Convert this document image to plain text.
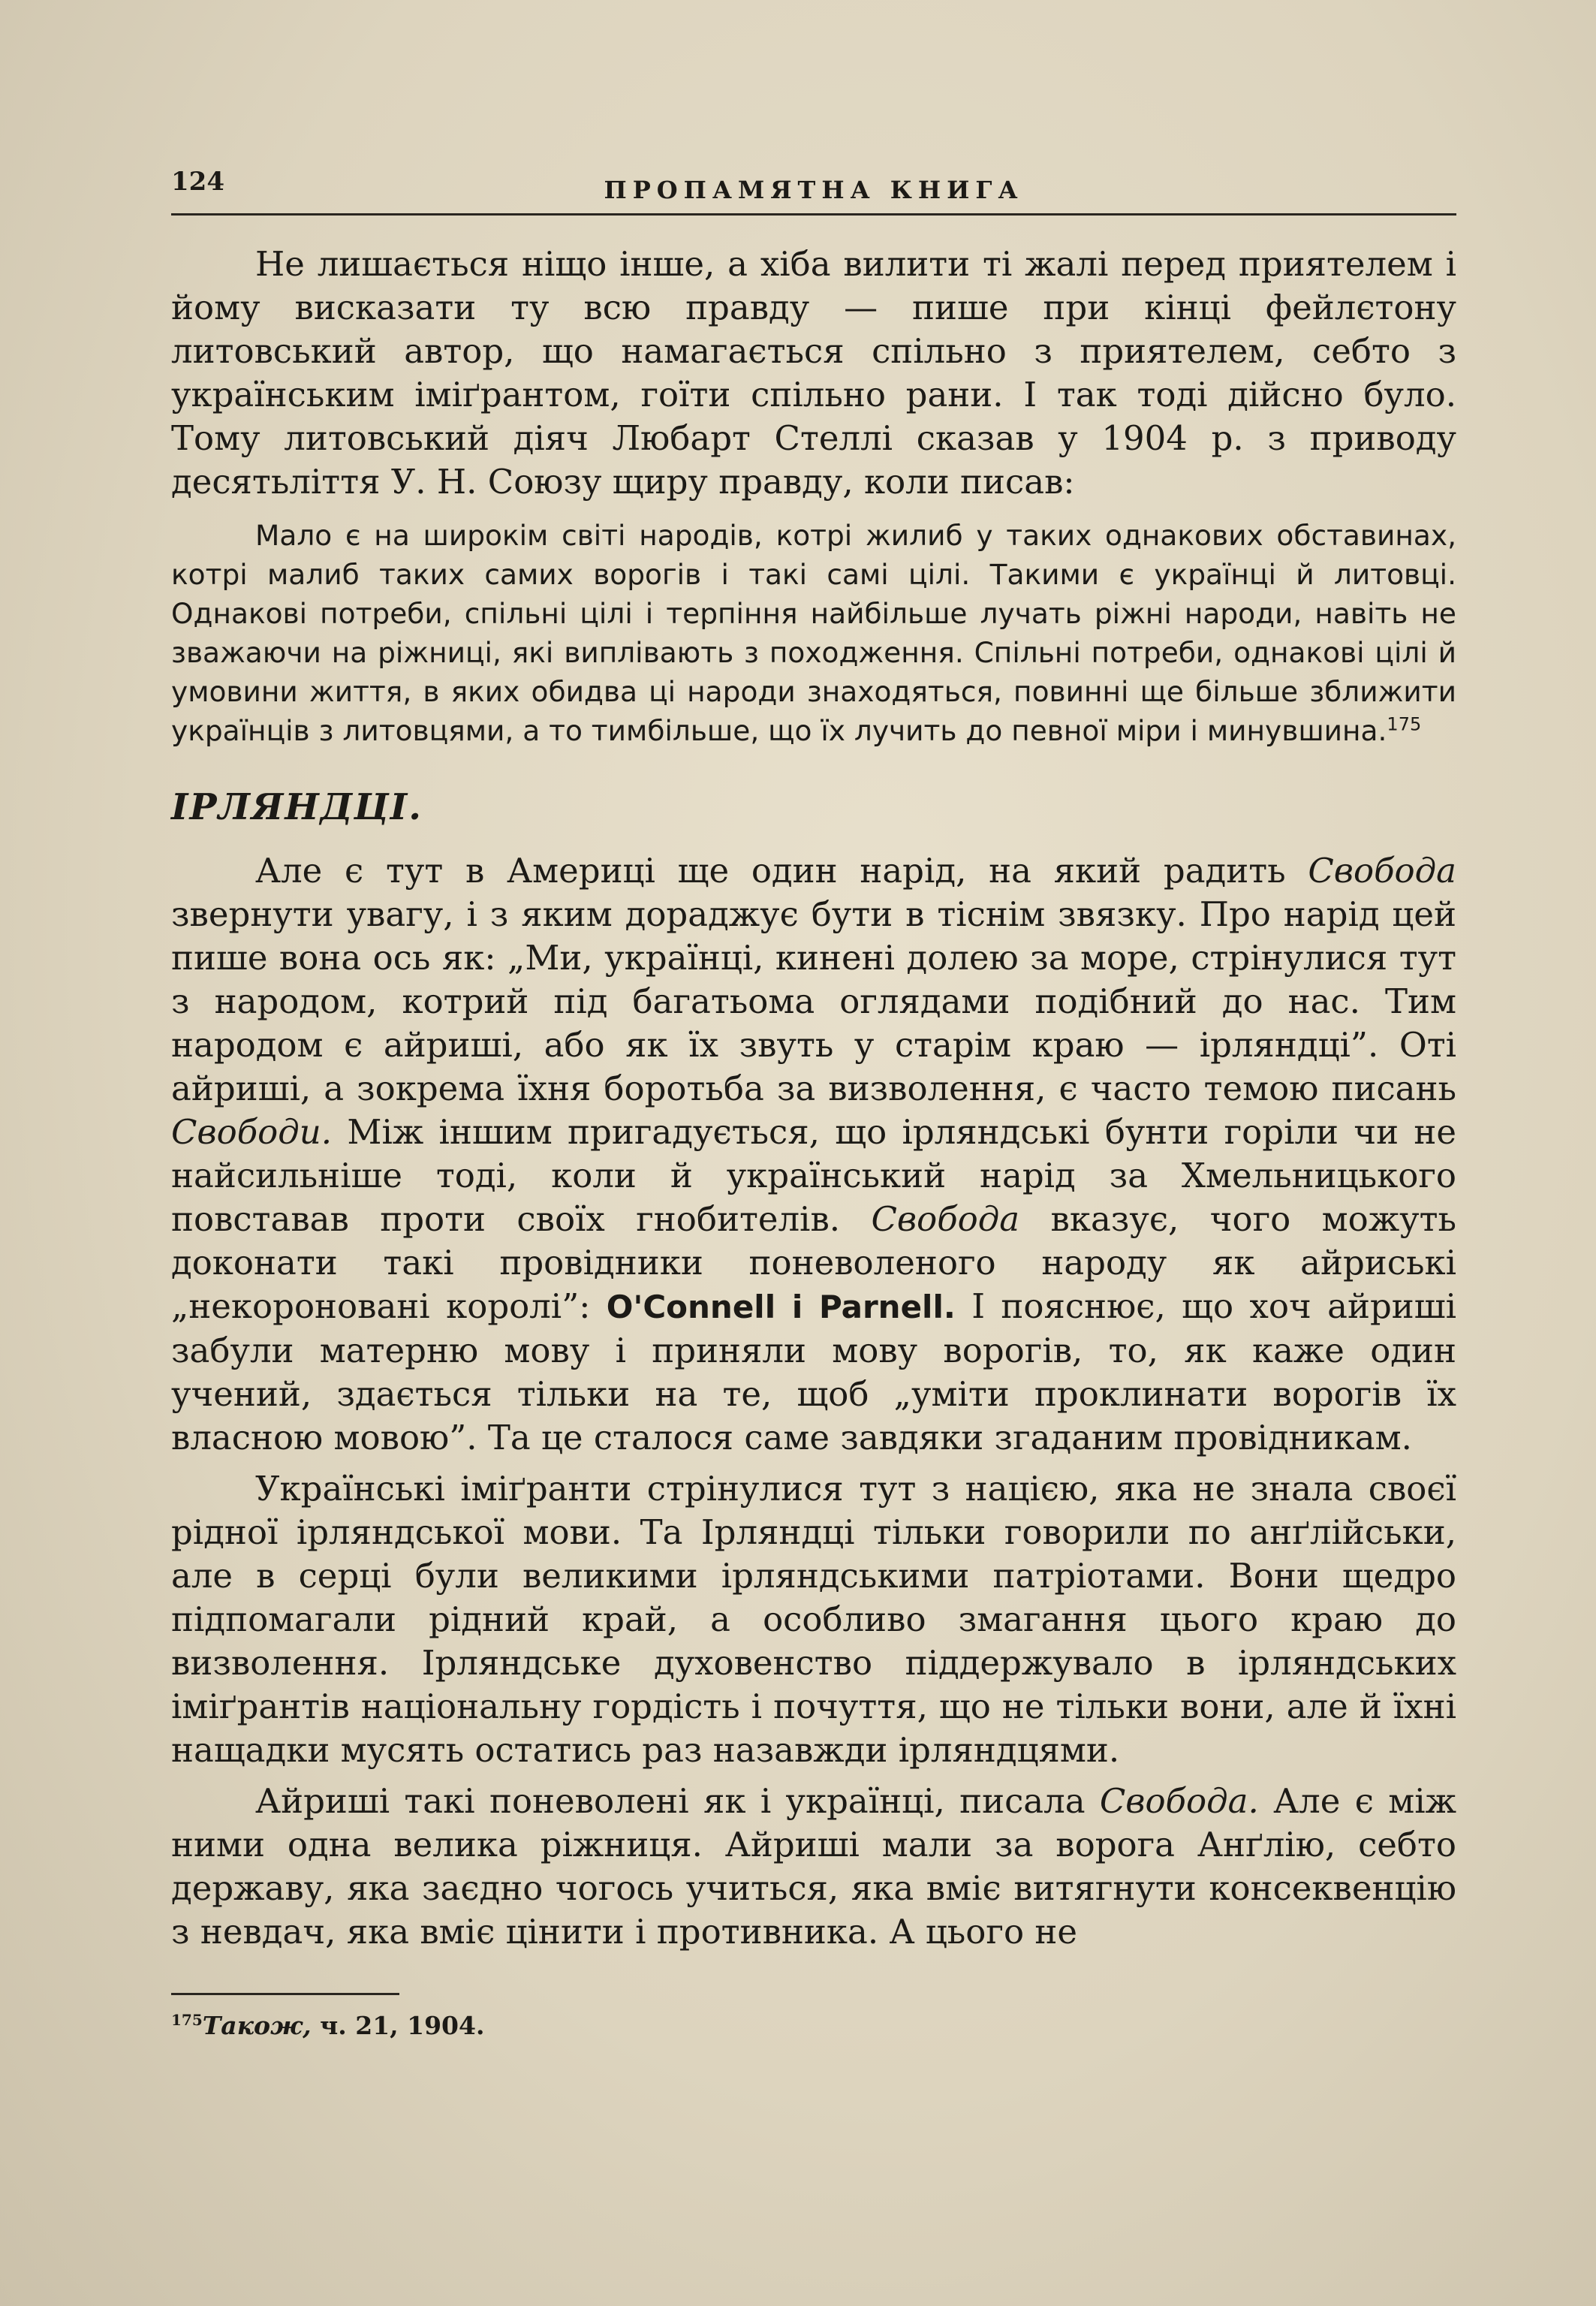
124	ПРОПАМЯТНА КНИГА

Не лишається ніщо інше, а хіба вилити ті жалі перед приятелем і йому висказати ту всю правду — пише при кінці фейлєтону литовський автор, що намагається спільно з приятелем, себто з українським іміґрантом, гоїти спільно рани. І так тоді дійсно було. Тому литовський діяч Любарт Стеллі сказав у 1904 р. з приводу десятьліття У. Н. Союзу щиру правду, коли писав:

Мало є на широкім світі народів, котрі жилиб у таких однакових обставинах, котрі малиб таких самих ворогів і такі самі цілі. Такими є українці й литовці. Однакові потреби, спільні цілі і терпіння найбільше лучать ріжні народи, навіть не зважаючи на ріжниці, які виплівають з походження. Спільні потреби, однакові цілі й умовини життя, в яких обидва ці народи знаходяться, повинні ще більше зближити українців з литовцями, а то тимбільше, що їх лучить до певної міри і минувшина.$^{175}$

ІРЛЯНДЦІ.

Але є тут в Америці ще один нарід, на який радить Свобода звернути увагу, і з яким дораджує бути в тіснім звязку. Про нарід цей пише вона ось як: „Ми, українці, кинені долею за море, стрінулися тут з народом, котрий під багатьома оглядами подібний до нас. Тим народом є айриші, або як їх звуть у старім краю — ірляндці”. Оті айриші, а зокрема їхня боротьба за визволення, є часто темою писань Свободи. Між іншим пригадується, що ірляндські бунти горіли чи не найсильніше тоді, коли й український нарід за Хмельницького повставав проти своїх гнобителів. Свобода вказує, чого можуть доконати такі провідники поневоленого народу як айриські „некороновані королі”: O'Connell і Parnell. І пояснює, що хоч айриші забули матерню мову і приняли мову ворогів, то, як каже один учений, здається тільки на те, щоб „уміти проклинати ворогів їх власною мовою”. Та це сталося саме завдяки згаданим провідникам.

Українські іміґранти стрінулися тут з нацією, яка не знала своєї рідної ірляндської мови. Та Ірляндці тільки говорили по анґлійськи, але в серці були великими ірляндськими патріотами. Вони щедро підпомагали рідний край, а особливо змагання цього краю до визволення. Ірляндське духовенство піддержувало в ірляндських іміґрантів національну гордість і почуття, що не тільки вони, але й їхні нащадки мусять остатись раз назавжди ірляндцями.

Айриші такі поневолені як і українці, писала Свобода. Але є між ними одна велика ріжниця. Айриші мали за ворога Анґлію, себто державу, яка заєдно чогось учиться, яка вміє витягнути консеквенцію з невдач, яка вміє цінити і противника. А цього не

$^{175}$Також, ч. 21, 1904.
